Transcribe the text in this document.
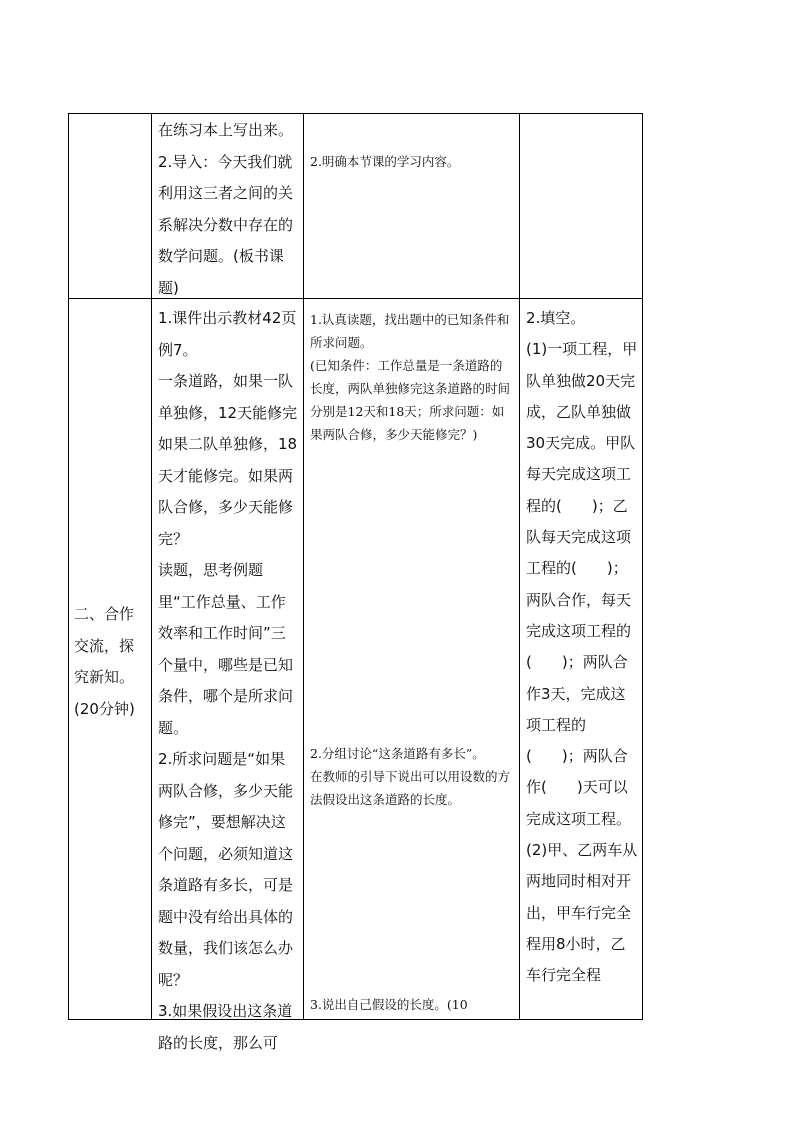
在练习本上写出来。
2.导入：今天我们就利用这三者之间的关系解决分数中存在的数学问题。(板书课题)
2.明确本节课的学习内容。
二、合作交流，探究新知。
(20分钟)
1.课件出示教材42页例7。
一条道路，如果一队单独修，12天能修完 如果二队单独修，18天才能修完。如果两队合修，多少天能修完？
读题，思考例题里“工作总量、工作效率和工作时间”三个量中，哪些是已知条件，哪个是所求问题。
2.所求问题是“如果两队合修，多少天能修完”，要想解决这个问题，必须知道这条道路有多长，可是题中没有给出具体的数量，我们该怎么办呢？
3.如果假设出这条道路的长度，那么可
1.认真读题，找出题中的已知条件和所求问题。
(已知条件：工作总量是一条道路的长度，两队单独修完这条道路的时间分别是12天和18天；所求问题：如果两队合修，多少天能修完？)
2.分组讨论“这条道路有多长”。
在教师的引导下说出可以用设数的方法假设出这条道路的长度。
3.说出自己假设的长度。(10
2.填空。
(1)一项工程，甲队单独做20天完成，乙队单独做30天完成。甲队每天完成这项工程的(　　)；乙队每天完成这项工程的(　　)；两队合作，每天完成这项工程的(　　)；两队合作3天，完成这项工程的(　　)；两队合作(　　)天可以完成这项工程。
(2)甲、乙两车从两地同时相对开出，甲车行完全程用8小时，乙车行完全程
